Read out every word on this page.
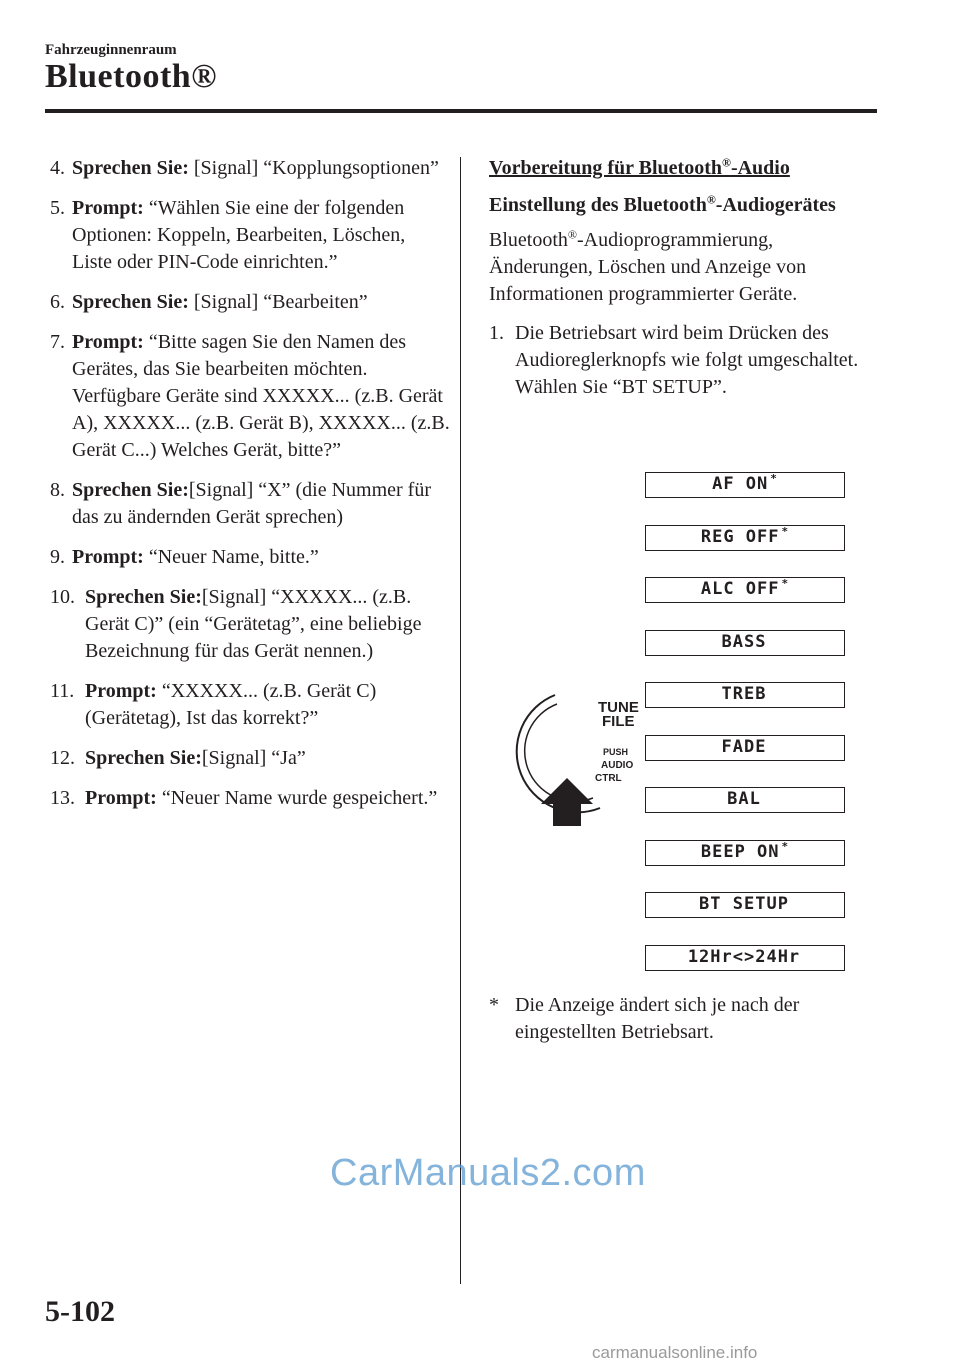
Fahrzeuginnenraum
Bluetooth®
4. Sprechen Sie: [Signal] “Kopplungsoptionen”
5. Prompt: “Wählen Sie eine der folgenden Optionen: Koppeln, Bearbeiten, Löschen, Liste oder PIN-Code einrichten.”
6. Sprechen Sie: [Signal] “Bearbeiten”
7. Prompt: “Bitte sagen Sie den Namen des Gerätes, das Sie bearbeiten möchten. Verfügbare Geräte sind XXXXX... (z.B. Gerät A), XXXXX... (z.B. Gerät B), XXXXX... (z.B. Gerät C...) Welches Gerät, bitte?”
8. Sprechen Sie:[Signal] “X” (die Nummer für das zu ändernden Gerät sprechen)
9. Prompt: “Neuer Name, bitte.”
10. Sprechen Sie:[Signal] “XXXXX... (z.B. Gerät C)” (ein “Gerätetag”, eine beliebige Bezeichnung für das Gerät nennen.)
11. Prompt: “XXXXX... (z.B. Gerät C) (Gerätetag), Ist das korrekt?”
12. Sprechen Sie:[Signal] “Ja”
13. Prompt: “Neuer Name wurde gespeichert.”
Vorbereitung für Bluetooth®-Audio
Einstellung des Bluetooth®-Audiogerätes
Bluetooth®-Audioprogrammierung, Änderungen, Löschen und Anzeige von Informationen programmierter Geräte.
1. Die Betriebsart wird beim Drücken des Audioreglerknopfs wie folgt umgeschaltet. Wählen Sie “BT SETUP”.
AF ON *
REG OFF *
ALC OFF *
BASS
TREB
FADE
BAL
BEEP ON *
BT SETUP
12Hr<>24Hr
TUNE
FILE
PUSH
AUDIO
CTRL
* Die Anzeige ändert sich je nach der eingestellten Betriebsart.
CarManuals2.com
5-102
carmanualsonline.info
